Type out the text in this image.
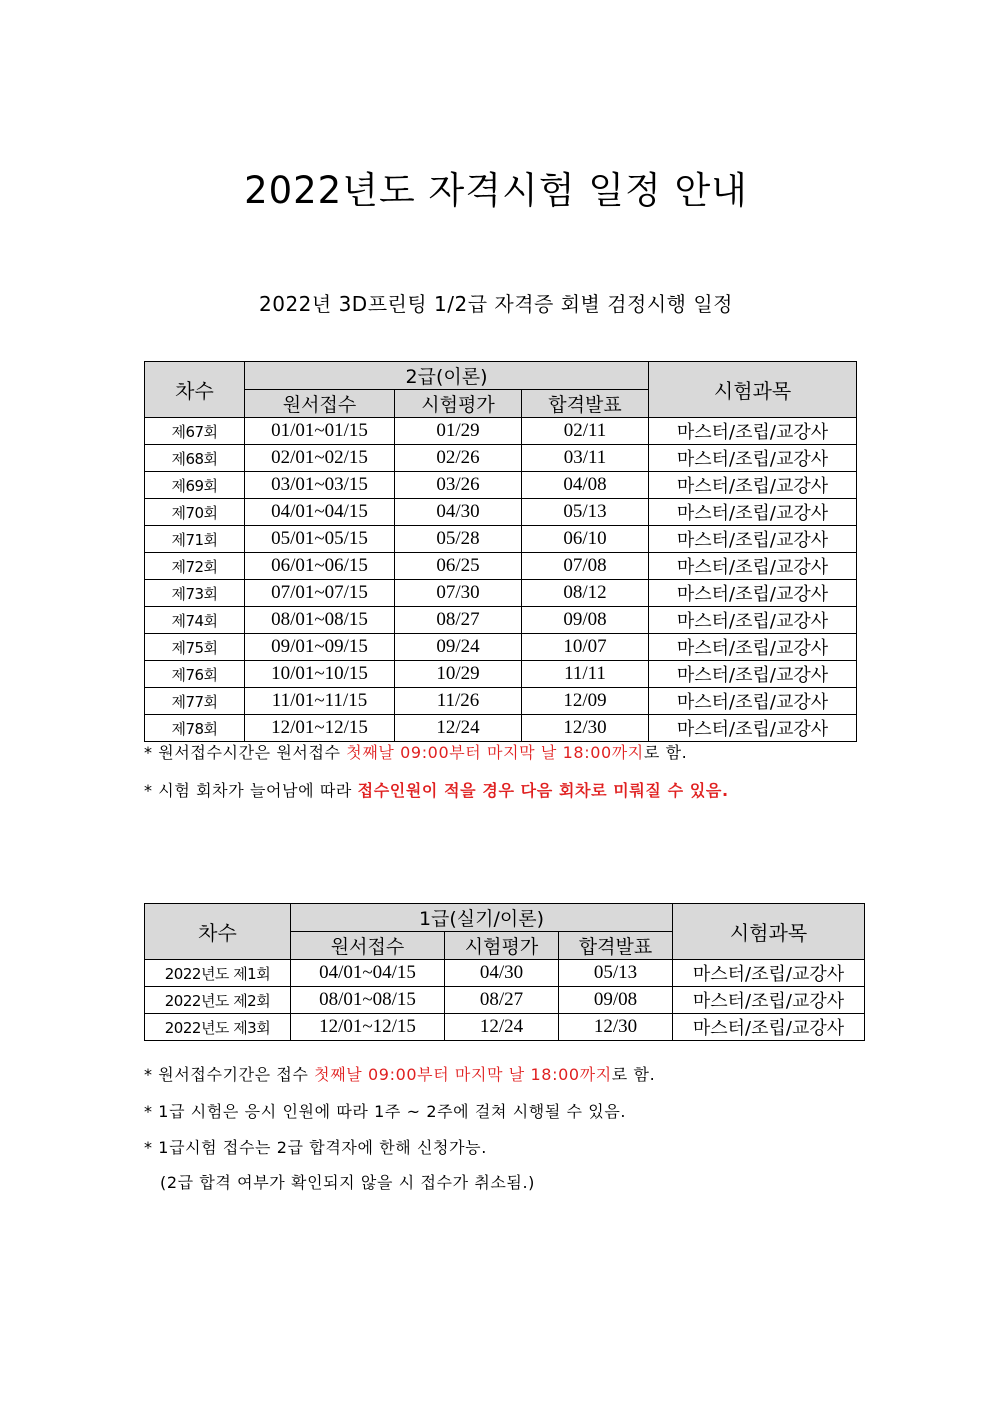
2022년도 자격시험 일정 안내
2022년 3D프린팅 1/2급 자격증 회별 검정시행 일정
차수	2급(이론)			시험과목
	원서접수	시험평가	합격발표	
제67회	01/01~01/15	01/29	02/11	마스터/조립/교강사
제68회	02/01~02/15	02/26	03/11	마스터/조립/교강사
제69회	03/01~03/15	03/26	04/08	마스터/조립/교강사
제70회	04/01~04/15	04/30	05/13	마스터/조립/교강사
제71회	05/01~05/15	05/28	06/10	마스터/조립/교강사
제72회	06/01~06/15	06/25	07/08	마스터/조립/교강사
제73회	07/01~07/15	07/30	08/12	마스터/조립/교강사
제74회	08/01~08/15	08/27	09/08	마스터/조립/교강사
제75회	09/01~09/15	09/24	10/07	마스터/조립/교강사
제76회	10/01~10/15	10/29	11/11	마스터/조립/교강사
제77회	11/01~11/15	11/26	12/09	마스터/조립/교강사
제78회	12/01~12/15	12/24	12/30	마스터/조립/교강사
* 원서접수시간은 원서접수 첫째날 09:00부터 마지막 날 18:00까지로 함.
* 시험 회차가 늘어남에 따라 접수인원이 적을 경우 다음 회차로 미뤄질 수 있음.
차수	1급(실기/이론)			시험과목
	원서접수	시험평가	합격발표	
2022년도 제1회	04/01~04/15	04/30	05/13	마스터/조립/교강사
2022년도 제2회	08/01~08/15	08/27	09/08	마스터/조립/교강사
2022년도 제3회	12/01~12/15	12/24	12/30	마스터/조립/교강사
* 원서접수기간은 접수 첫째날 09:00부터 마지막 날 18:00까지로 함.
* 1급 시험은 응시 인원에 따라 1주 ~ 2주에 걸쳐 시행될 수 있음.
* 1급시험 접수는 2급 합격자에 한해 신청가능.
(2급 합격 여부가 확인되지 않을 시 접수가 취소됨.)
